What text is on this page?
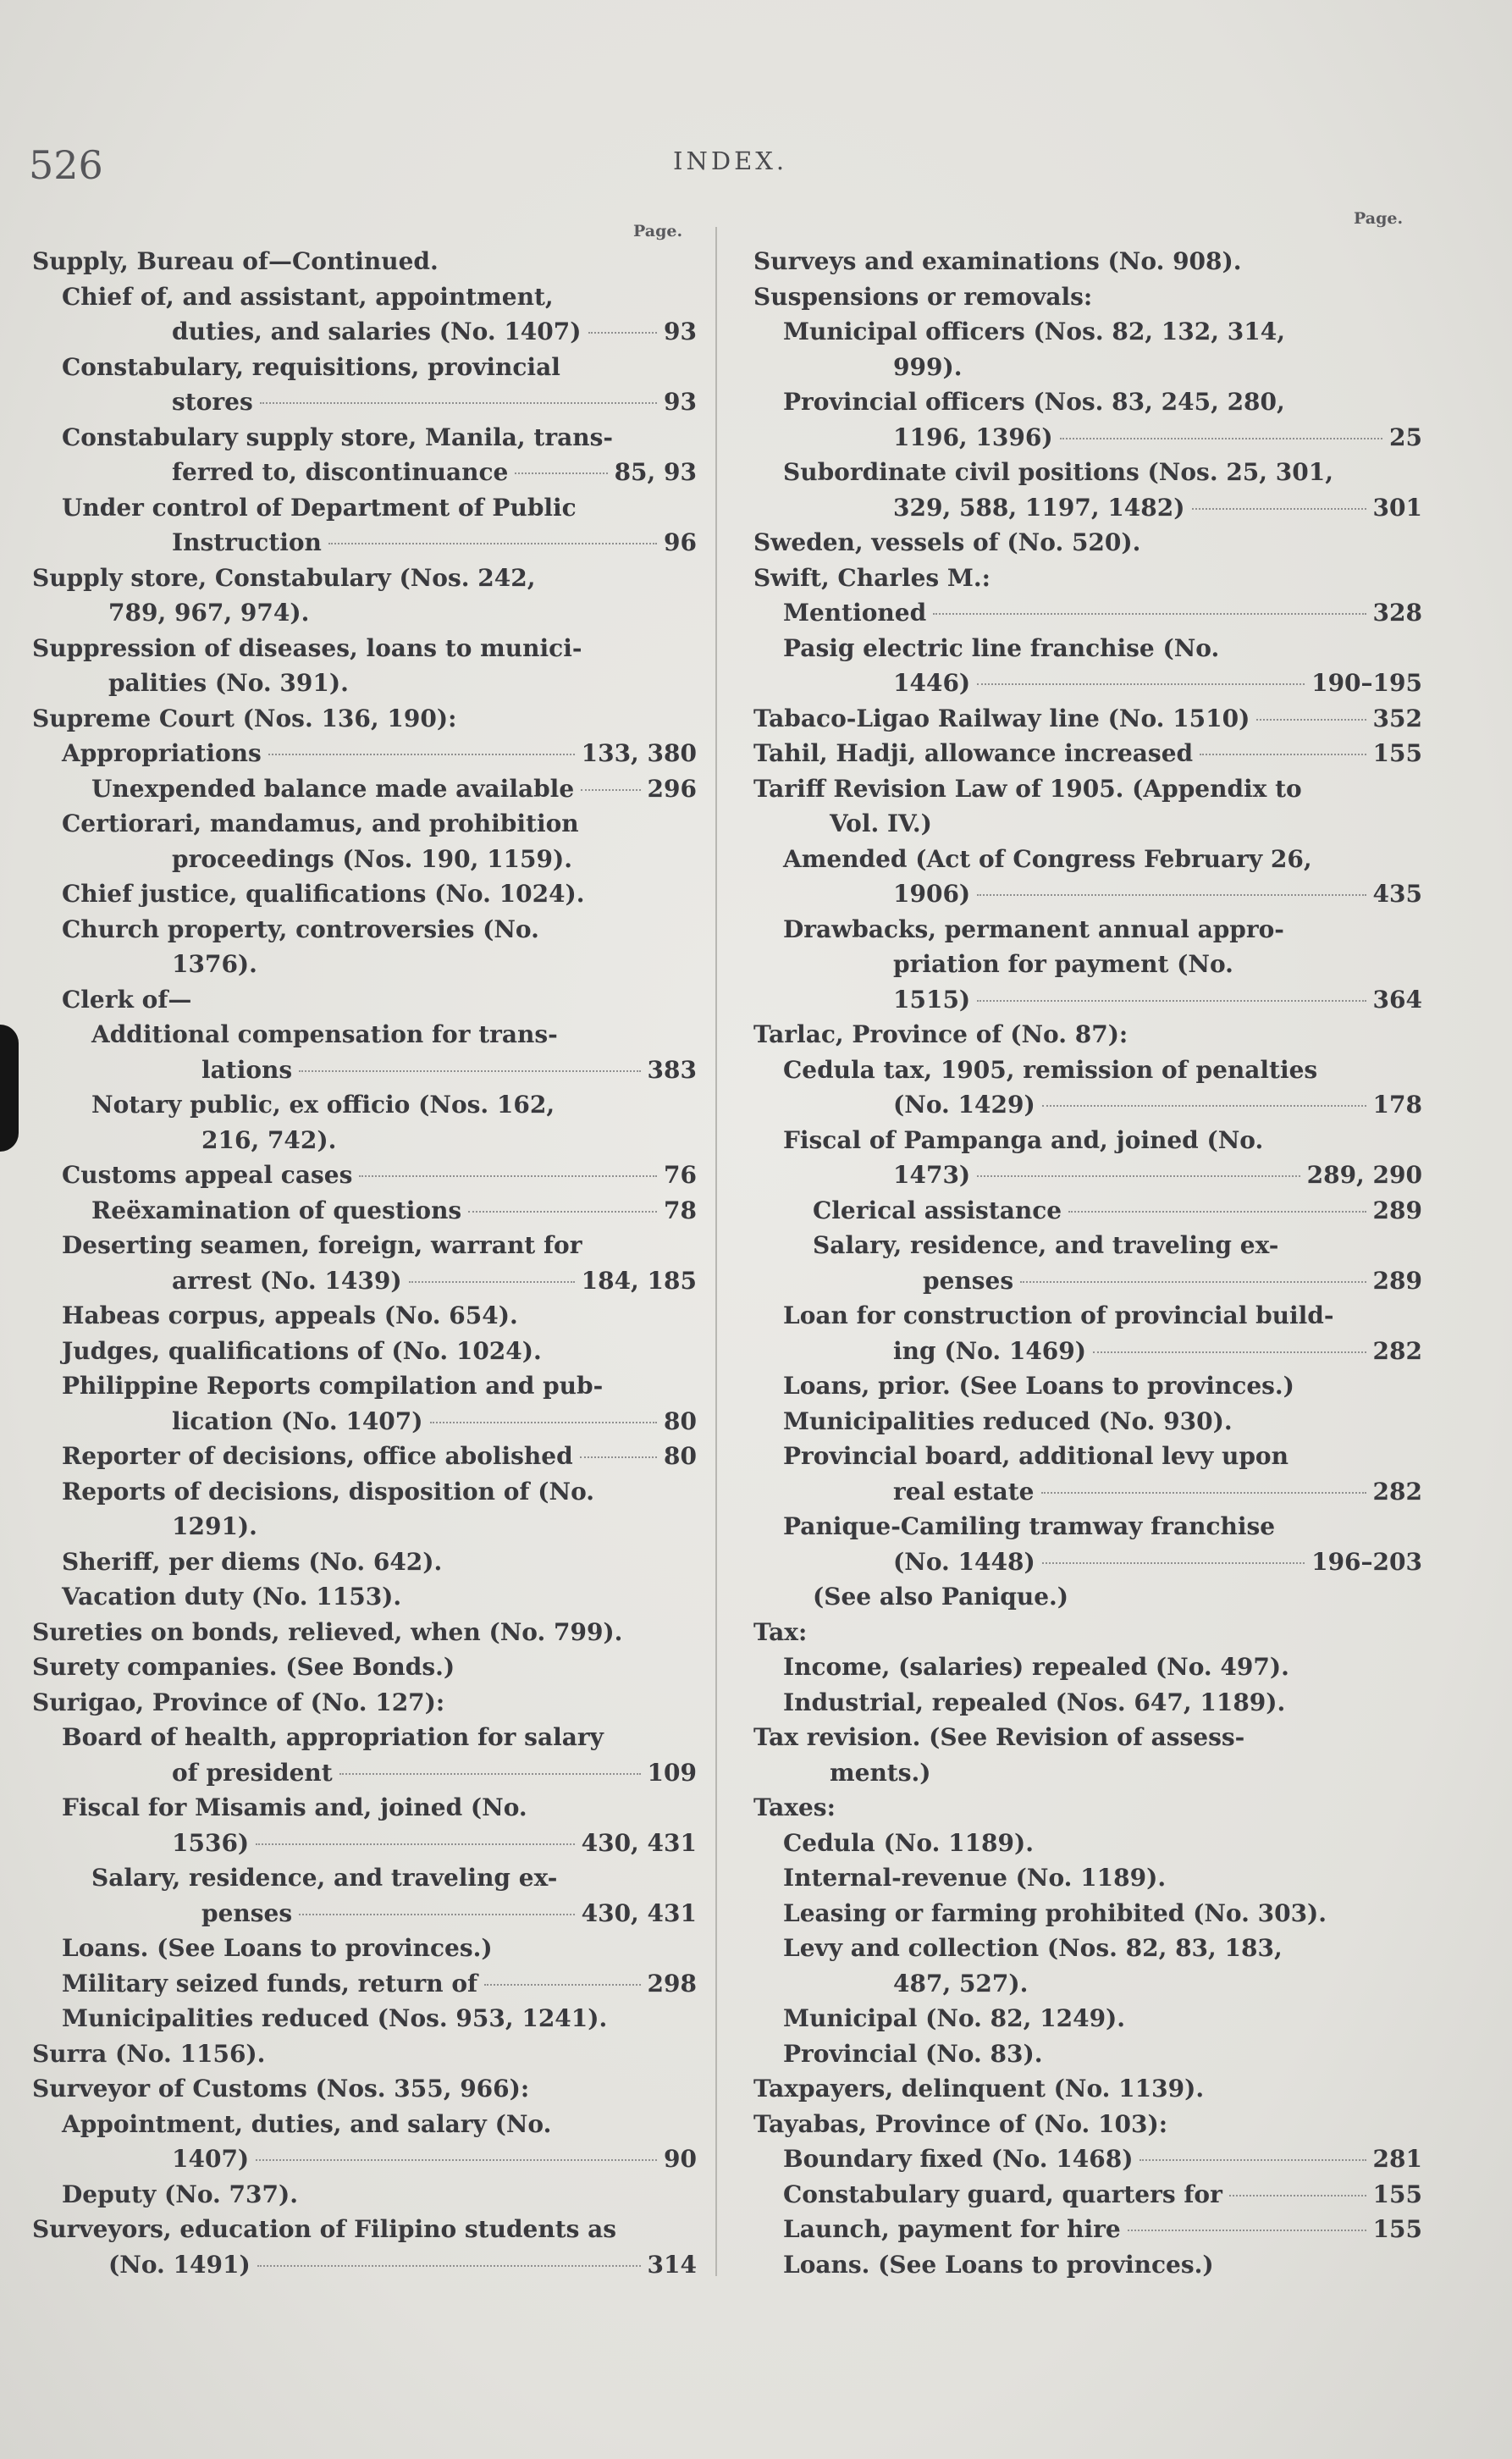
526	INDEX.
Page.
Page.
Supply, Bureau of—Continued.
Chief of, and assistant, appointment,
duties, and salaries (No. 1407)	93
Constabulary, requisitions, provincial
stores	93
Constabulary supply store, Manila, trans-
ferred to, discontinuance	85, 93
Under control of Department of Public
Instruction	96
Supply store, Constabulary (Nos. 242,
789, 967, 974).
Suppression of diseases, loans to munici-
palities (No. 391).
Supreme Court (Nos. 136, 190):
Appropriations	133, 380
Unexpended balance made available	296
Certiorari, mandamus, and prohibition
proceedings (Nos. 190, 1159).
Chief justice, qualifications (No. 1024).
Church property, controversies (No.
1376).
Clerk of—
Additional compensation for trans-
lations	383
Notary public, ex officio (Nos. 162,
216, 742).
Customs appeal cases	76
Reëxamination of questions	78
Deserting seamen, foreign, warrant for
arrest (No. 1439)	184, 185
Habeas corpus, appeals (No. 654).
Judges, qualifications of (No. 1024).
Philippine Reports compilation and pub-
lication (No. 1407)	80
Reporter of decisions, office abolished	80
Reports of decisions, disposition of (No.
1291).
Sheriff, per diems (No. 642).
Vacation duty (No. 1153).
Sureties on bonds, relieved, when (No. 799).
Surety companies. (See Bonds.)
Surigao, Province of (No. 127):
Board of health, appropriation for salary
of president	109
Fiscal for Misamis and, joined (No.
1536)	430, 431
Salary, residence, and traveling ex-
penses	430, 431
Loans. (See Loans to provinces.)
Military seized funds, return of	298
Municipalities reduced (Nos. 953, 1241).
Surra (No. 1156).
Surveyor of Customs (Nos. 355, 966):
Appointment, duties, and salary (No.
1407)	90
Deputy (No. 737).
Surveyors, education of Filipino students as
(No. 1491)	314
Surveys and examinations (No. 908).
Suspensions or removals:
Municipal officers (Nos. 82, 132, 314,
999).
Provincial officers (Nos. 83, 245, 280,
1196, 1396)	25
Subordinate civil positions (Nos. 25, 301,
329, 588, 1197, 1482)	301
Sweden, vessels of (No. 520).
Swift, Charles M.:
Mentioned	328
Pasig electric line franchise (No.
1446)	190–195
Tabaco-Ligao Railway line (No. 1510)	352
Tahil, Hadji, allowance increased	155
Tariff Revision Law of 1905. (Appendix to
Vol. IV.)
Amended (Act of Congress February 26,
1906)	435
Drawbacks, permanent annual appro-
priation for payment (No.
1515)	364
Tarlac, Province of (No. 87):
Cedula tax, 1905, remission of penalties
(No. 1429)	178
Fiscal of Pampanga and, joined (No.
1473)	289, 290
Clerical assistance	289
Salary, residence, and traveling ex-
penses	289
Loan for construction of provincial build-
ing (No. 1469)	282
Loans, prior. (See Loans to provinces.)
Municipalities reduced (No. 930).
Provincial board, additional levy upon
real estate	282
Panique-Camiling tramway franchise
(No. 1448)	196–203
(See also Panique.)
Tax:
Income, (salaries) repealed (No. 497).
Industrial, repealed (Nos. 647, 1189).
Tax revision. (See Revision of assess-
ments.)
Taxes:
Cedula (No. 1189).
Internal-revenue (No. 1189).
Leasing or farming prohibited (No. 303).
Levy and collection (Nos. 82, 83, 183,
487, 527).
Municipal (No. 82, 1249).
Provincial (No. 83).
Taxpayers, delinquent (No. 1139).
Tayabas, Province of (No. 103):
Boundary fixed (No. 1468)	281
Constabulary guard, quarters for	155
Launch, payment for hire	155
Loans. (See Loans to provinces.)
